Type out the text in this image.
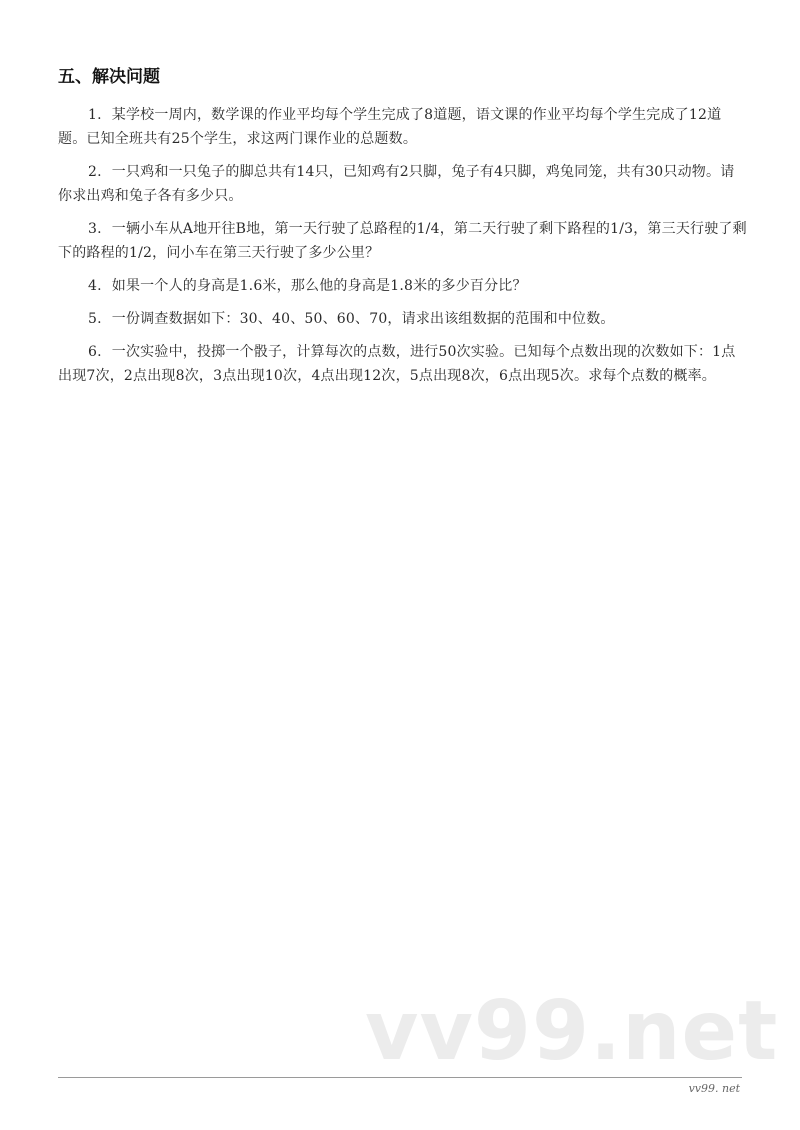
五、解决问题
1. 某学校一周内，数学课的作业平均每个学生完成了8道题，语文课的作业平均每个学生完成了12道题。已知全班共有25个学生，求这两门课作业的总题数。
2. 一只鸡和一只兔子的脚总共有14只，已知鸡有2只脚，兔子有4只脚，鸡兔同笼，共有30只动物。请你求出鸡和兔子各有多少只。
3. 一辆小车从A地开往B地，第一天行驶了总路程的1/4，第二天行驶了剩下路程的1/3，第三天行驶了剩下的路程的1/2，问小车在第三天行驶了多少公里？
4. 如果一个人的身高是1.6米，那么他的身高是1.8米的多少百分比？
5. 一份调查数据如下：30、40、50、60、70，请求出该组数据的范围和中位数。
6. 一次实验中，投掷一个骰子，计算每次的点数，进行50次实验。已知每个点数出现的次数如下：1点出现7次，2点出现8次，3点出现10次，4点出现12次，5点出现8次，6点出现5次。求每个点数的概率。
vv99.net
vv99. net
